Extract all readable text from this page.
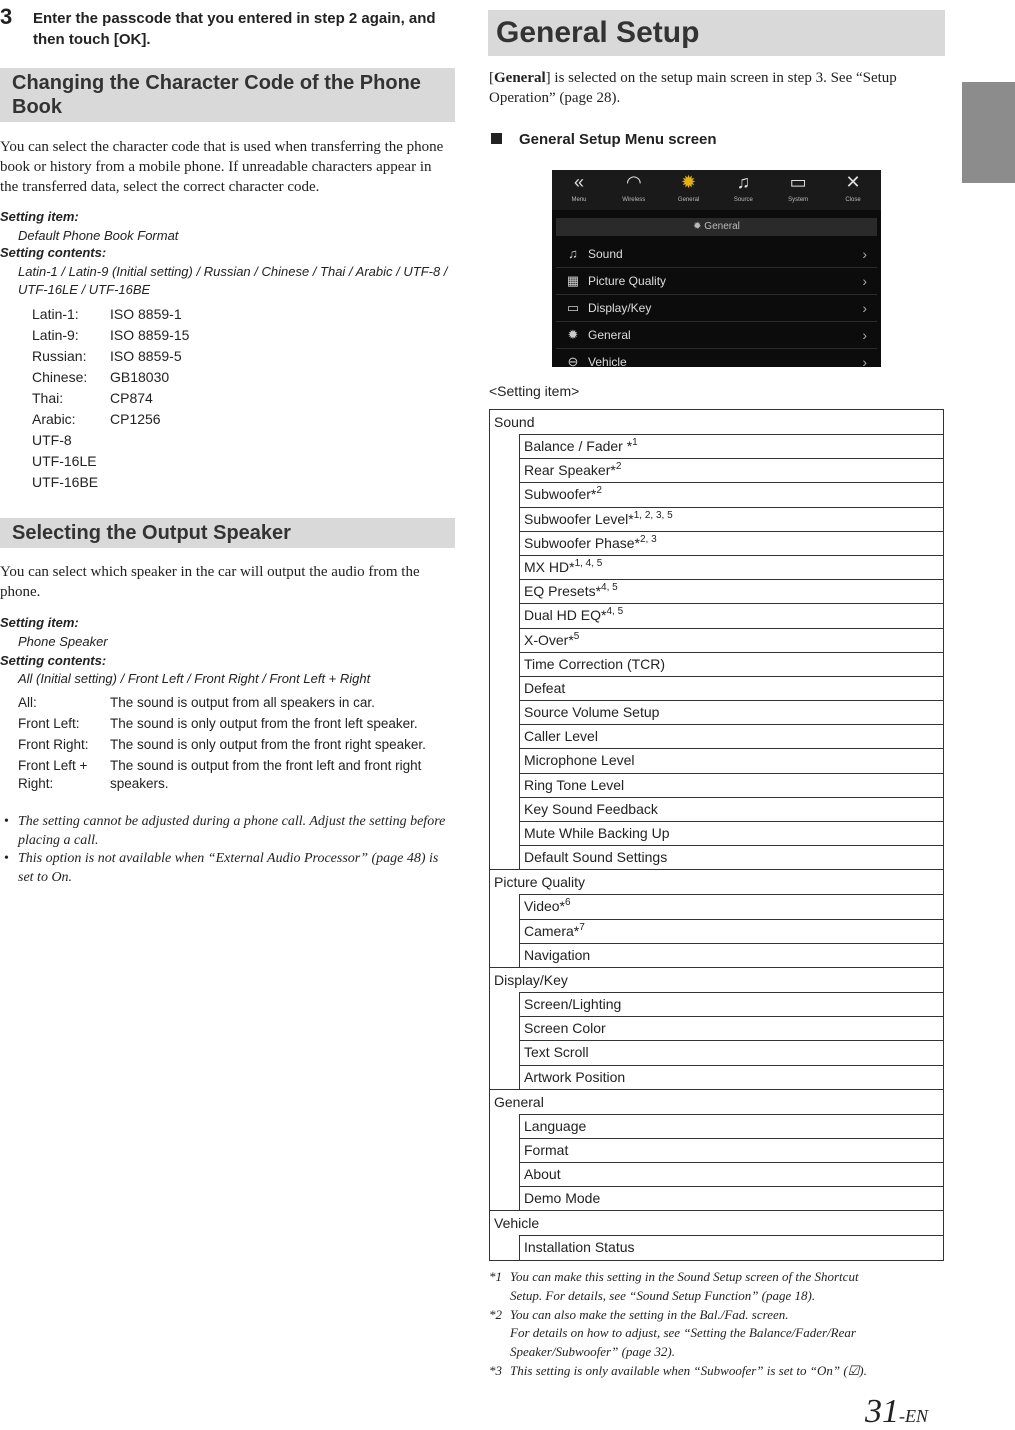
3 Enter the passcode that you entered in step 2 again, and then touch [OK].
Changing the Character Code of the Phone Book
You can select the character code that is used when transferring the phone book or history from a mobile phone. If unreadable characters appear in the transferred data, select the correct character code.
Setting item:
Default Phone Book Format
Setting contents:
Latin-1 / Latin-9 (Initial setting) / Russian / Chinese / Thai / Arabic / UTF-8 / UTF-16LE / UTF-16BE
Latin-1: ISO 8859-1
Latin-9: ISO 8859-15
Russian: ISO 8859-5
Chinese: GB18030
Thai:	CP874
Arabic: CP1256
UTF-8
UTF-16LE
UTF-16BE
Selecting the Output Speaker
You can select which speaker in the car will output the audio from the phone.
Setting item:
Phone Speaker
Setting contents:
All (Initial setting) / Front Left / Front Right / Front Left + Right
All:	The sound is output from all speakers in car.
Front Left:	The sound is only output from the front left speaker.
Front Right:	The sound is only output from the front right speaker.
Front Left + Right:
The sound is output from the front left and front right speakers.
• The setting cannot be adjusted during a phone call. Adjust the setting before placing a call.
• This option is not available when “External Audio Processor” (page 48) is set to On.
General Setup
[General] is selected on the setup main screen in step 3. See “Setup Operation” (page 28).
General Setup Menu screen
«
Menu
◠
Wireless
✹
General
♫
Source
▭
System
✕
Close
✹ General
♫ Sound	›
▦ Picture Quality	›
▭ Display/Key	›
✹ General	›
⊖ Vehicle	›
<Setting item>
Sound
Balance / Fader *$^1$
Rear Speaker*$^2$
Subwoofer*$^2$
Subwoofer Level*$^{1, 2, 3, 5}$
Subwoofer Phase*$^{2, 3}$
MX HD*$^{1, 4, 5}$
EQ Presets*$^{4, 5}$
Dual HD EQ*$^{4, 5}$
X-Over*$^5$
Time Correction (TCR)
Defeat
Source Volume Setup
Caller Level
Microphone Level
Ring Tone Level
Key Sound Feedback
Mute While Backing Up
Default Sound Settings
Picture Quality
Video*$^6$
Camera*$^7$
Navigation
Display/Key
Screen/Lighting
Screen Color
Text Scroll
Artwork Position
General
Language
Format
About
Demo Mode
Vehicle
Installation Status
*1 You can make this setting in the Sound Setup screen of the Shortcut
Setup. For details, see “Sound Setup Function” (page 18).
*2 You can also make the setting in the Bal./Fad. screen.
For details on how to adjust, see “Setting the Balance/Fader/Rear
Speaker/Subwoofer” (page 32).
*3 This setting is only available when “Subwoofer” is set to “On” (☑).
31-EN
